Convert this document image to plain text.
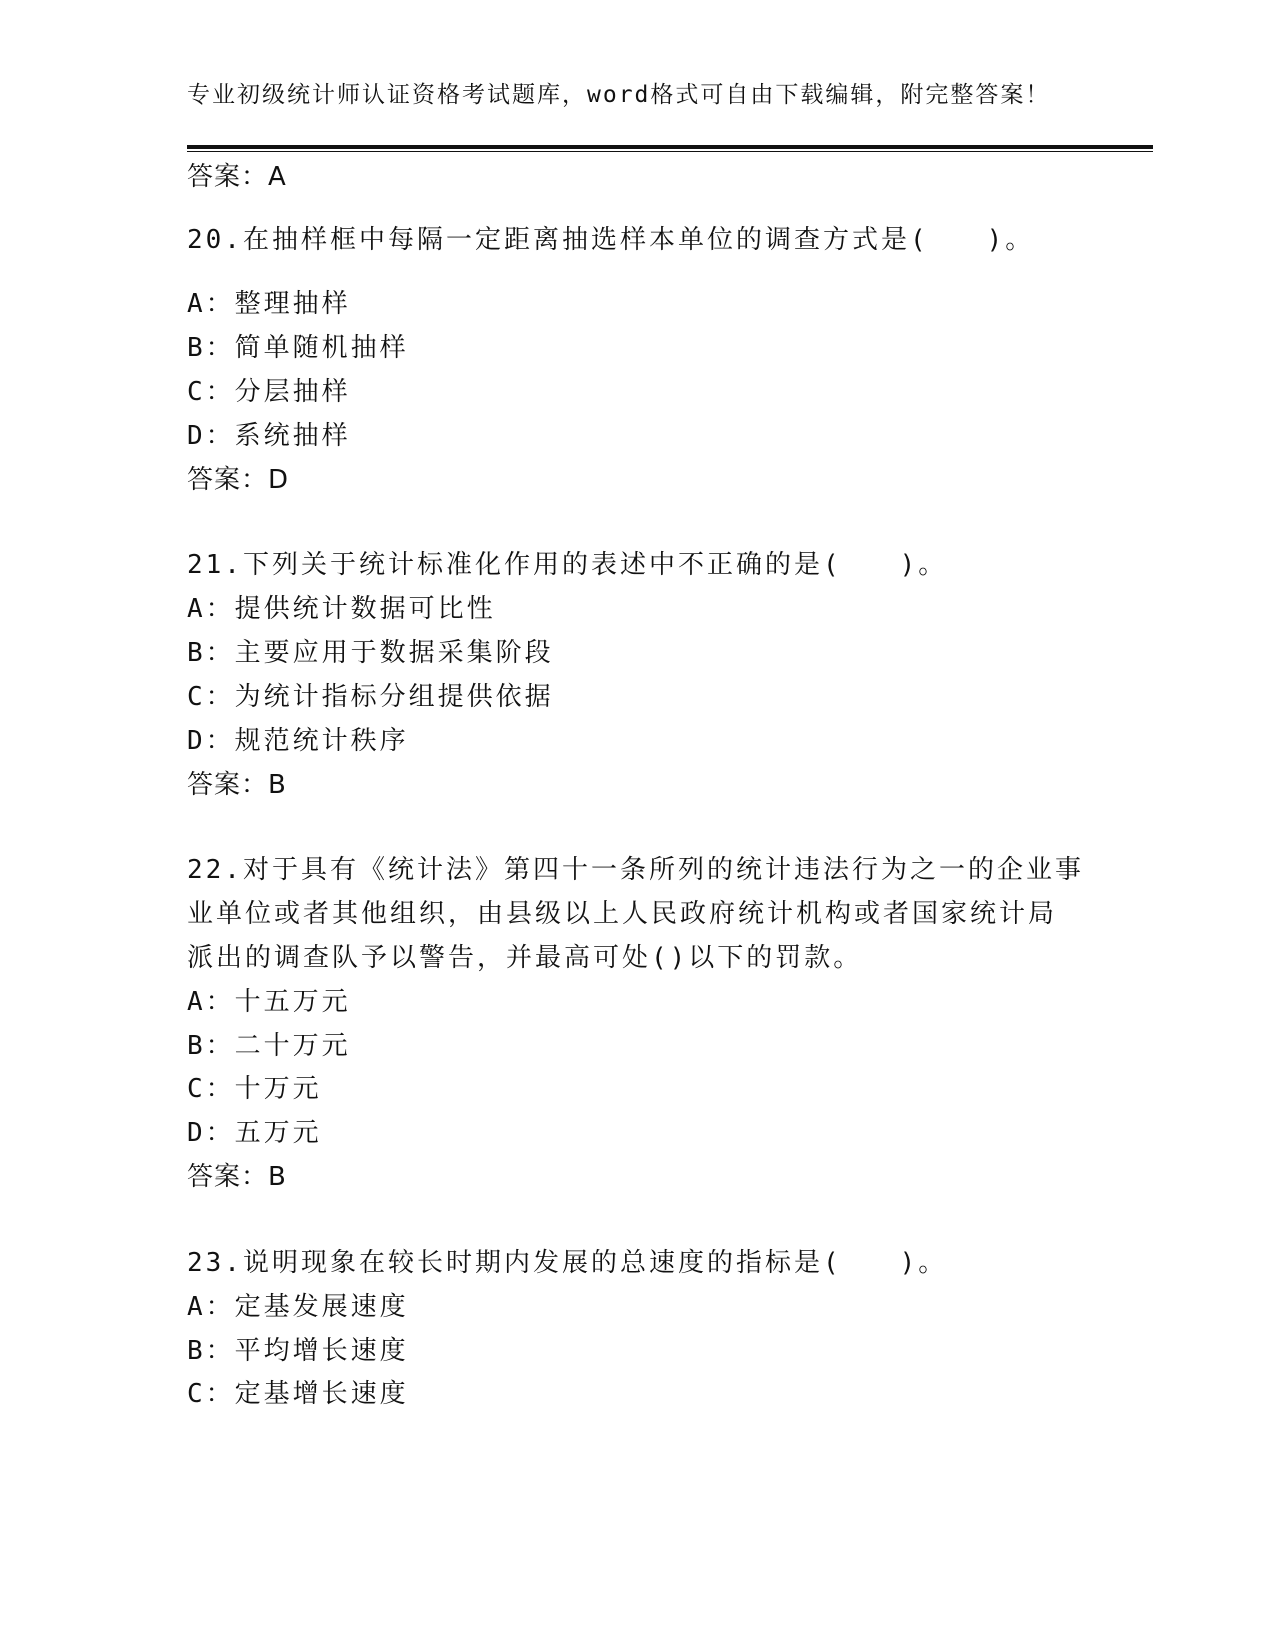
专业初级统计师认证资格考试题库，word格式可自由下载编辑，附完整答案！
答案：A
20.在抽样框中每隔一定距离抽选样本单位的调查方式是(　　)。
A：整理抽样
B：简单随机抽样
C：分层抽样
D：系统抽样
答案：D
21.下列关于统计标准化作用的表述中不正确的是(　　)。
A：提供统计数据可比性
B：主要应用于数据采集阶段
C：为统计指标分组提供依据
D：规范统计秩序
答案：B
22.对于具有《统计法》第四十一条所列的统计违法行为之一的企业事
业单位或者其他组织，由县级以上人民政府统计机构或者国家统计局
派出的调查队予以警告，并最高可处()以下的罚款。
A：十五万元
B：二十万元
C：十万元
D：五万元
答案：B
23.说明现象在较长时期内发展的总速度的指标是(　　)。
A：定基发展速度
B：平均增长速度
C：定基增长速度
